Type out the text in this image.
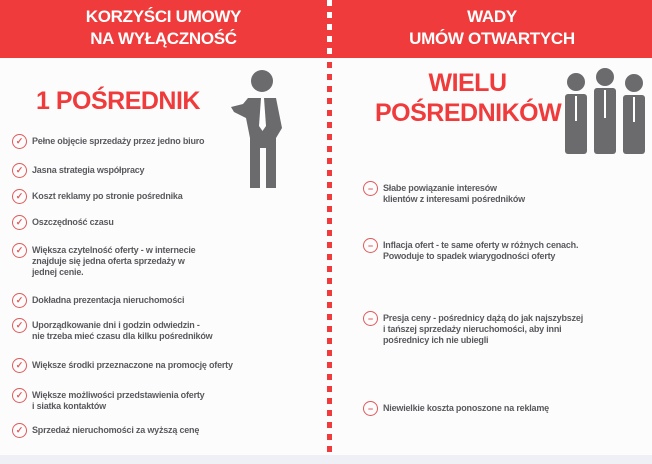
KORZYŚCI UMOWY
NA WYŁĄCZNOŚĆ
WADY
UMÓW OTWARTYCH
1 POŚREDNIK
WIELU
POŚREDNIKÓW
✓ Pełne objęcie sprzedaży przez jedno biuro
✓ Jasna strategia współpracy
✓ Koszt reklamy po stronie pośrednika
✓ Oszczędność czasu
✓ Większa czytelność oferty - w internecie
znajduje się jedna oferta sprzedaży w
jednej cenie.
✓ Dokładna prezentacja nieruchomości
✓ Uporządkowanie dni i godzin odwiedzin -
nie trzeba mieć czasu dla kilku pośredników
✓ Większe środki przeznaczone na promocję oferty
✓ Większe możliwości przedstawienia oferty
i siatka kontaktów
✓ Sprzedaż nieruchomości za wyższą cenę
−	Słabe powiązanie interesów
klientów z interesami pośredników
−	Inflacja ofert - te same oferty w różnych cenach.
Powoduje to spadek wiarygodności oferty
−	Presja ceny - pośrednicy dążą do jak najszybszej
i tańszej sprzedaży nieruchomości, aby inni
pośrednicy ich nie ubiegli
−	Niewielkie koszta ponoszone na reklamę
